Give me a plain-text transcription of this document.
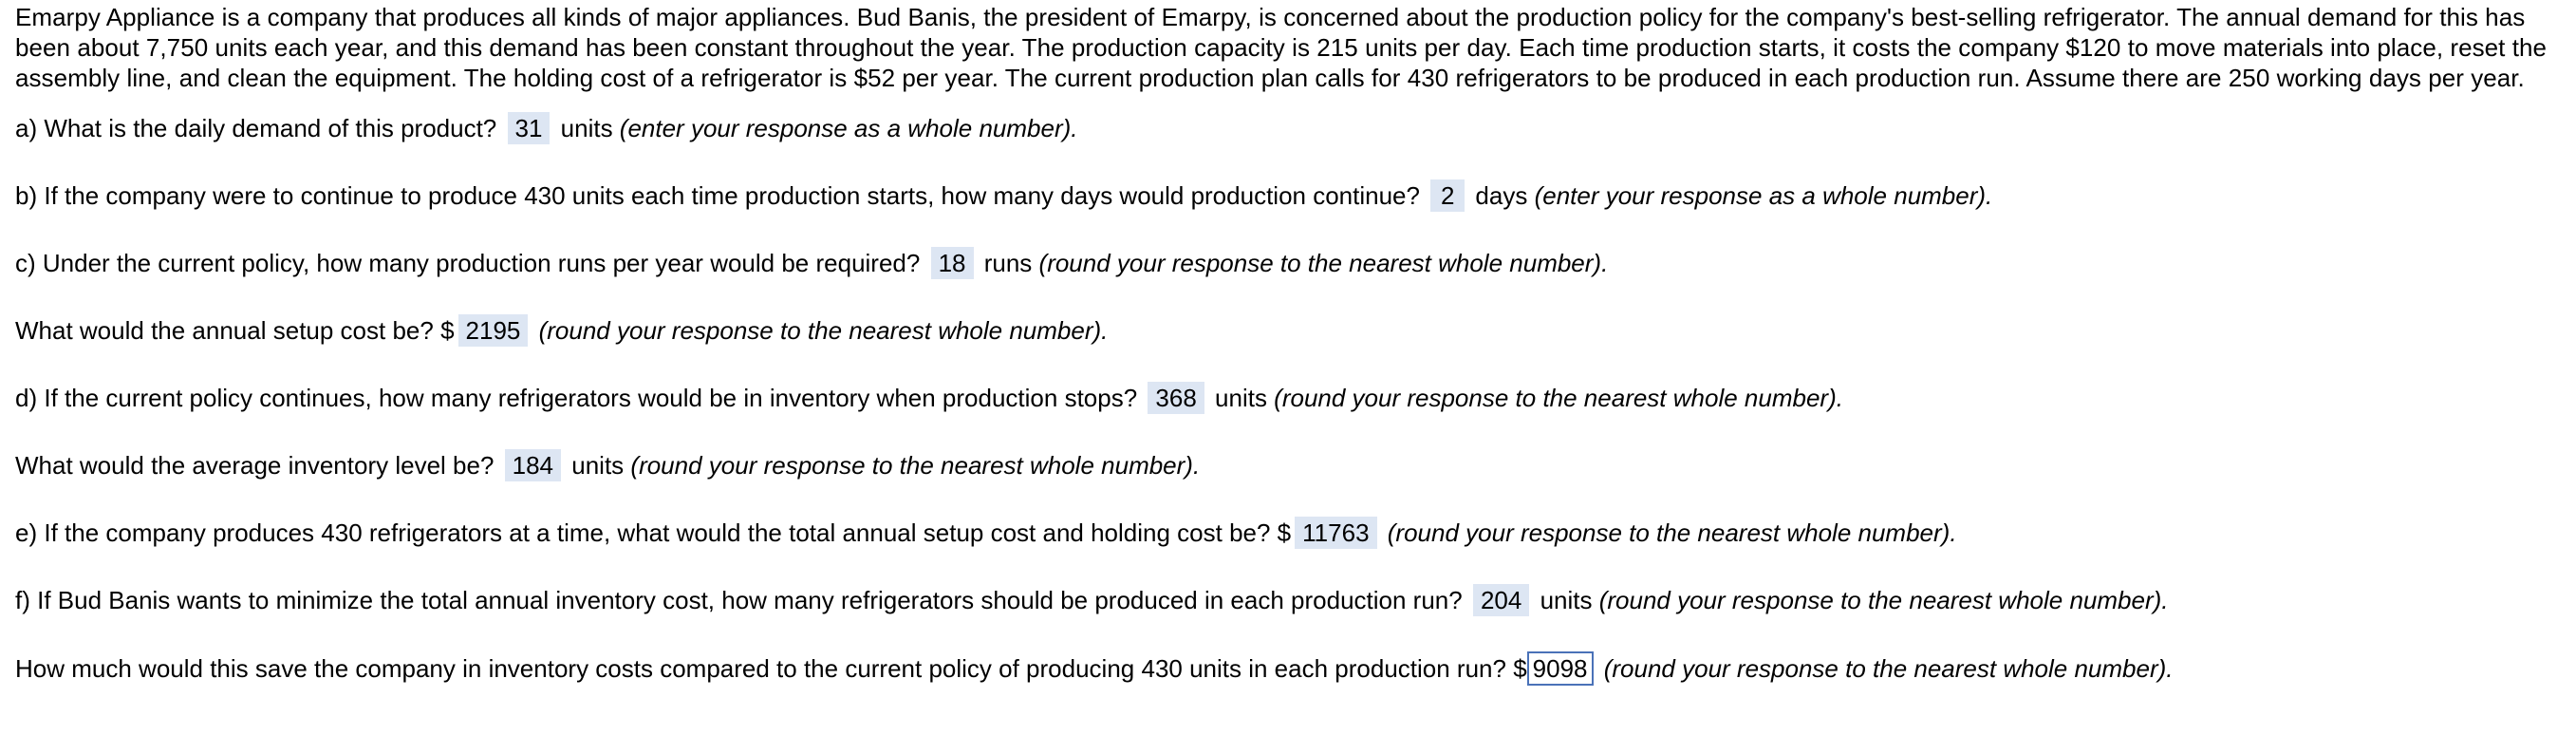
Emarpy Appliance is a company that produces all kinds of major appliances. Bud Banis, the president of Emarpy, is concerned about the production policy for the company's best-selling refrigerator. The annual demand for this has been about 7,750 units each year, and this demand has been constant throughout the year. The production capacity is 215 units per day. Each time production starts, it costs the company $120 to move materials into place, reset the assembly line, and clean the equipment. The holding cost of a refrigerator is $52 per year. The current production plan calls for 430 refrigerators to be produced in each production run. Assume there are 250 working days per year.

a) What is the daily demand of this product? 31 units (enter your response as a whole number).

b) If the company were to continue to produce 430 units each time production starts, how many days would production continue? 2 days (enter your response as a whole number).

c) Under the current policy, how many production runs per year would be required? 18 runs (round your response to the nearest whole number).

What would the annual setup cost be? $ 2195 (round your response to the nearest whole number).

d) If the current policy continues, how many refrigerators would be in inventory when production stops? 368 units (round your response to the nearest whole number).

What would the average inventory level be? 184 units (round your response to the nearest whole number).

e) If the company produces 430 refrigerators at a time, what would the total annual setup cost and holding cost be? $ 11763 (round your response to the nearest whole number).

f) If Bud Banis wants to minimize the total annual inventory cost, how many refrigerators should be produced in each production run? 204 units (round your response to the nearest whole number).

How much would this save the company in inventory costs compared to the current policy of producing 430 units in each production run? $ 9098 (round your response to the nearest whole number).
